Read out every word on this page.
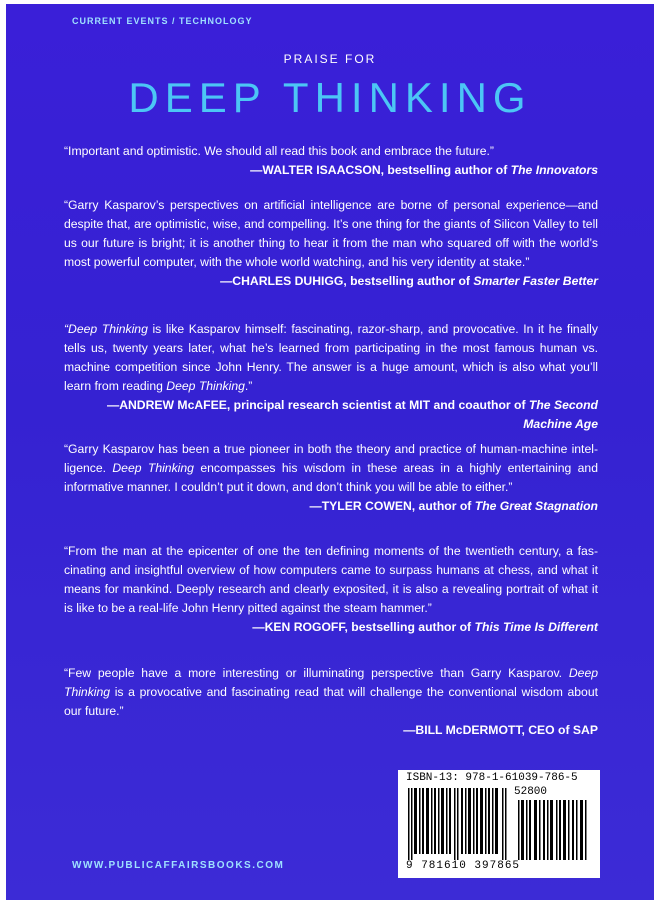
CURRENT EVENTS / TECHNOLOGY
PRAISE FOR
DEEP THINKING

“Important and optimistic. We should all read this book and embrace the future.”
—WALTER ISAACSON, bestselling author of The Innovators

“Garry Kasparov’s perspectives on artificial intelligence are borne of personal experience—and despite that, are optimistic, wise, and compelling. It’s one thing for the giants of Silicon Valley to tell us our future is bright; it is another thing to hear it from the man who squared off with the world’s most powerful computer, with the whole world watching, and his very identity at stake.”
—CHARLES DUHIGG, bestselling author of Smarter Faster Better

“Deep Thinking is like Kasparov himself: fascinating, razor-sharp, and provocative. In it he finally tells us, twenty years later, what he’s learned from participating in the most famous human vs. machine competition since John Henry. The answer is a huge amount, which is also what you’ll learn from reading Deep Thinking.”
—ANDREW McAFEE, principal research scientist at MIT and coauthor of The Second Machine Age

“Garry Kasparov has been a true pioneer in both the theory and practice of human-machine intelligence. Deep Thinking encompasses his wisdom in these areas in a highly entertaining and informative manner. I couldn’t put it down, and don’t think you will be able to either.”
—TYLER COWEN, author of The Great Stagnation

“From the man at the epicenter of one the ten defining moments of the twentieth century, a fascinating and insightful overview of how computers came to surpass humans at chess, and what it means for mankind. Deeply research and clearly exposited, it is also a revealing portrait of what it is like to be a real-life John Henry pitted against the steam hammer.”
—KEN ROGOFF, bestselling author of This Time Is Different

“Few people have a more interesting or illuminating perspective than Garry Kasparov. Deep Thinking is a provocative and fascinating read that will challenge the conventional wisdom about our future.”
—BILL McDERMOTT, CEO of SAP

ISBN-13: 978-1-61039-786-5
52800
9 781610 397865
WWW.PUBLICAFFAIRSBOOKS.COM
